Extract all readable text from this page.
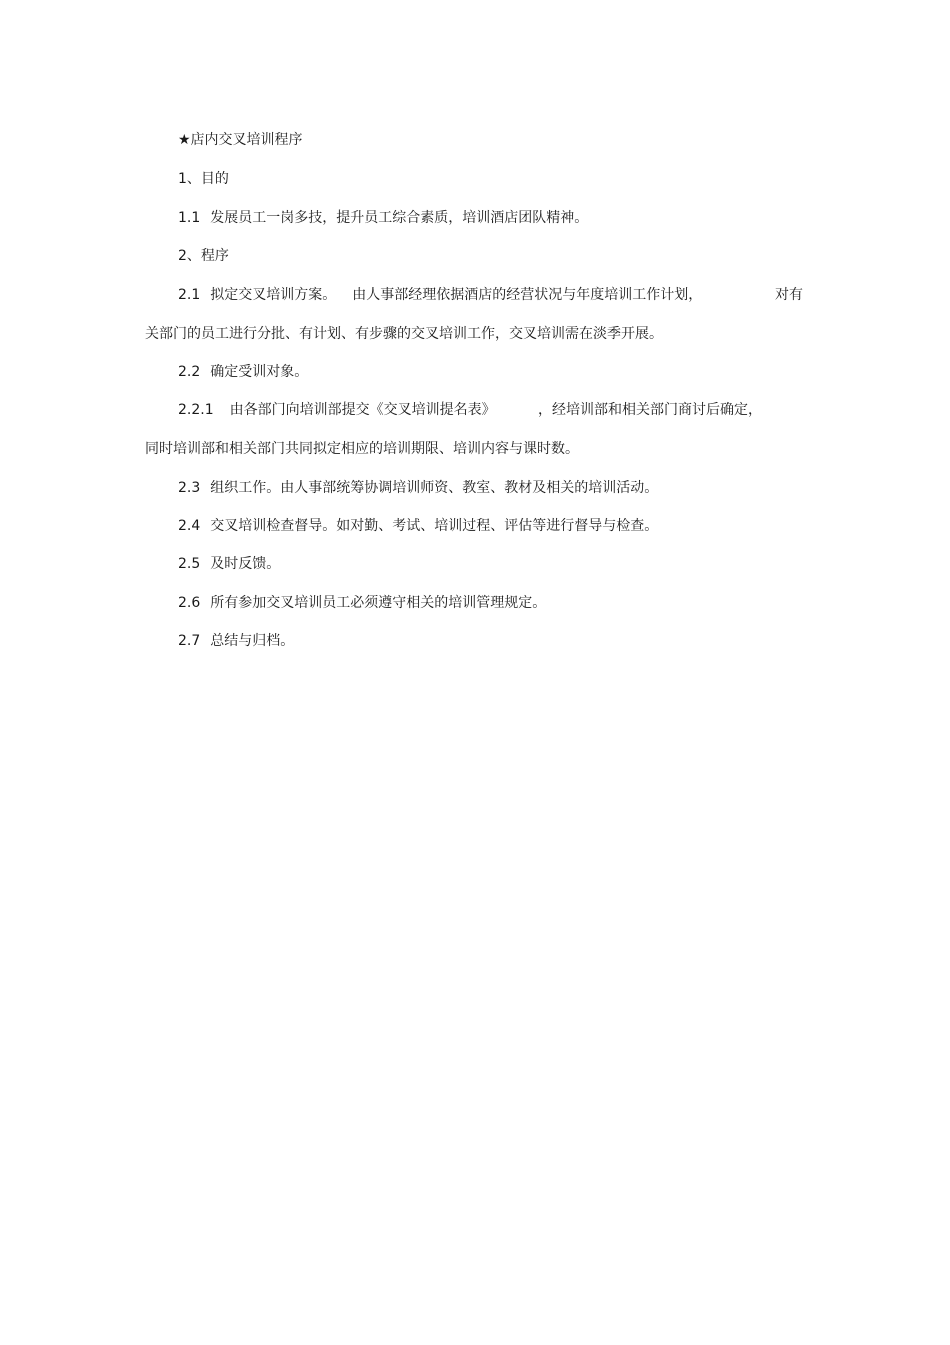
★店内交叉培训程序
1、目的
1.1 发展员工一岗多技，提升员工综合素质，培训酒店团队精神。
2、程序
2.1 拟定交叉培训方案。 由人事部经理依据酒店的经营状况与年度培训工作计划，	对有
关部门的员工进行分批、有计划、有步骤的交叉培训工作，交叉培训需在淡季开展。
2.2 确定受训对象。
2.2.1 由各部门向培训部提交《交叉培训提名表》	，经培训部和相关部门商讨后确定，
同时培训部和相关部门共同拟定相应的培训期限、培训内容与课时数。
2.3 组织工作。由人事部统筹协调培训师资、教室、教材及相关的培训活动。
2.4 交叉培训检查督导。如对勤、考试、培训过程、评估等进行督导与检查。
2.5 及时反馈。
2.6 所有参加交叉培训员工必须遵守相关的培训管理规定。
2.7 总结与归档。
